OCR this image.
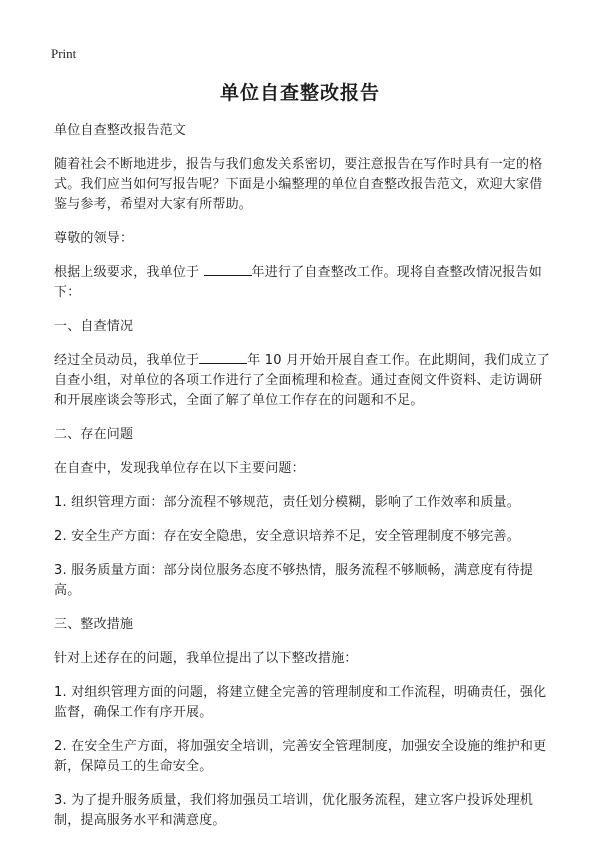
Print
单位自查整改报告

单位自查整改报告范文

随着社会不断地进步，报告与我们愈发关系密切，要注意报告在写作时具有一定的格式。我们应当如何写报告呢？下面是小编整理的单位自查整改报告范文，欢迎大家借鉴与参考，希望对大家有所帮助。

尊敬的领导：

根据上级要求，我单位于	年进行了自查整改工作。现将自查整改情况报告如下：

一、自查情况

经过全员动员，我单位于	年 10 月开始开展自查工作。在此期间，我们成立了自查小组，对单位的各项工作进行了全面梳理和检查。通过查阅文件资料、走访调研和开展座谈会等形式，全面了解了单位工作存在的问题和不足。

二、存在问题

在自查中，发现我单位存在以下主要问题：

1. 组织管理方面：部分流程不够规范，责任划分模糊，影响了工作效率和质量。

2. 安全生产方面：存在安全隐患，安全意识培养不足，安全管理制度不够完善。

3. 服务质量方面：部分岗位服务态度不够热情，服务流程不够顺畅，满意度有待提高。

三、整改措施

针对上述存在的问题，我单位提出了以下整改措施：

1. 对组织管理方面的问题，将建立健全完善的管理制度和工作流程，明确责任，强化监督，确保工作有序开展。

2. 在安全生产方面，将加强安全培训，完善安全管理制度，加强安全设施的维护和更新，保障员工的生命安全。

3. 为了提升服务质量，我们将加强员工培训，优化服务流程，建立客户投诉处理机制，提高服务水平和满意度。
